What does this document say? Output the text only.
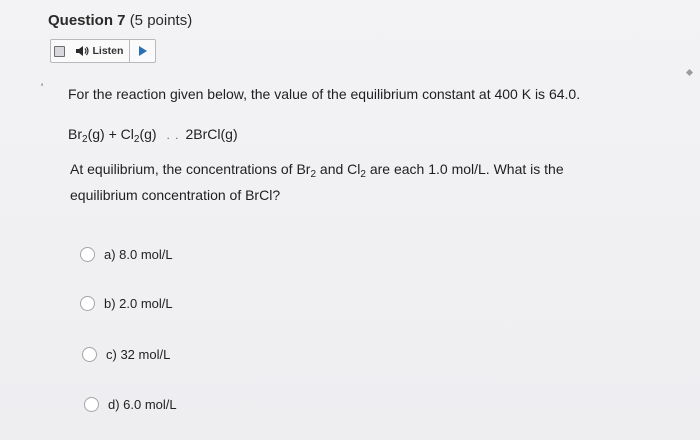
Question 7 (5 points)
Listen
' For the reaction given below, the value of the equilibrium constant at 400 K is 64.0.
$Br_2(g) + Cl_2(g)$ . . 2BrCl(g)
At equilibrium, the concentrations of $Br_2$ and $Cl_2$ are each 1.0 mol/L. What is the equilibrium concentration of BrCl?
a) 8.0 mol/L
b) 2.0 mol/L
c) 32 mol/L
d) 6.0 mol/L
